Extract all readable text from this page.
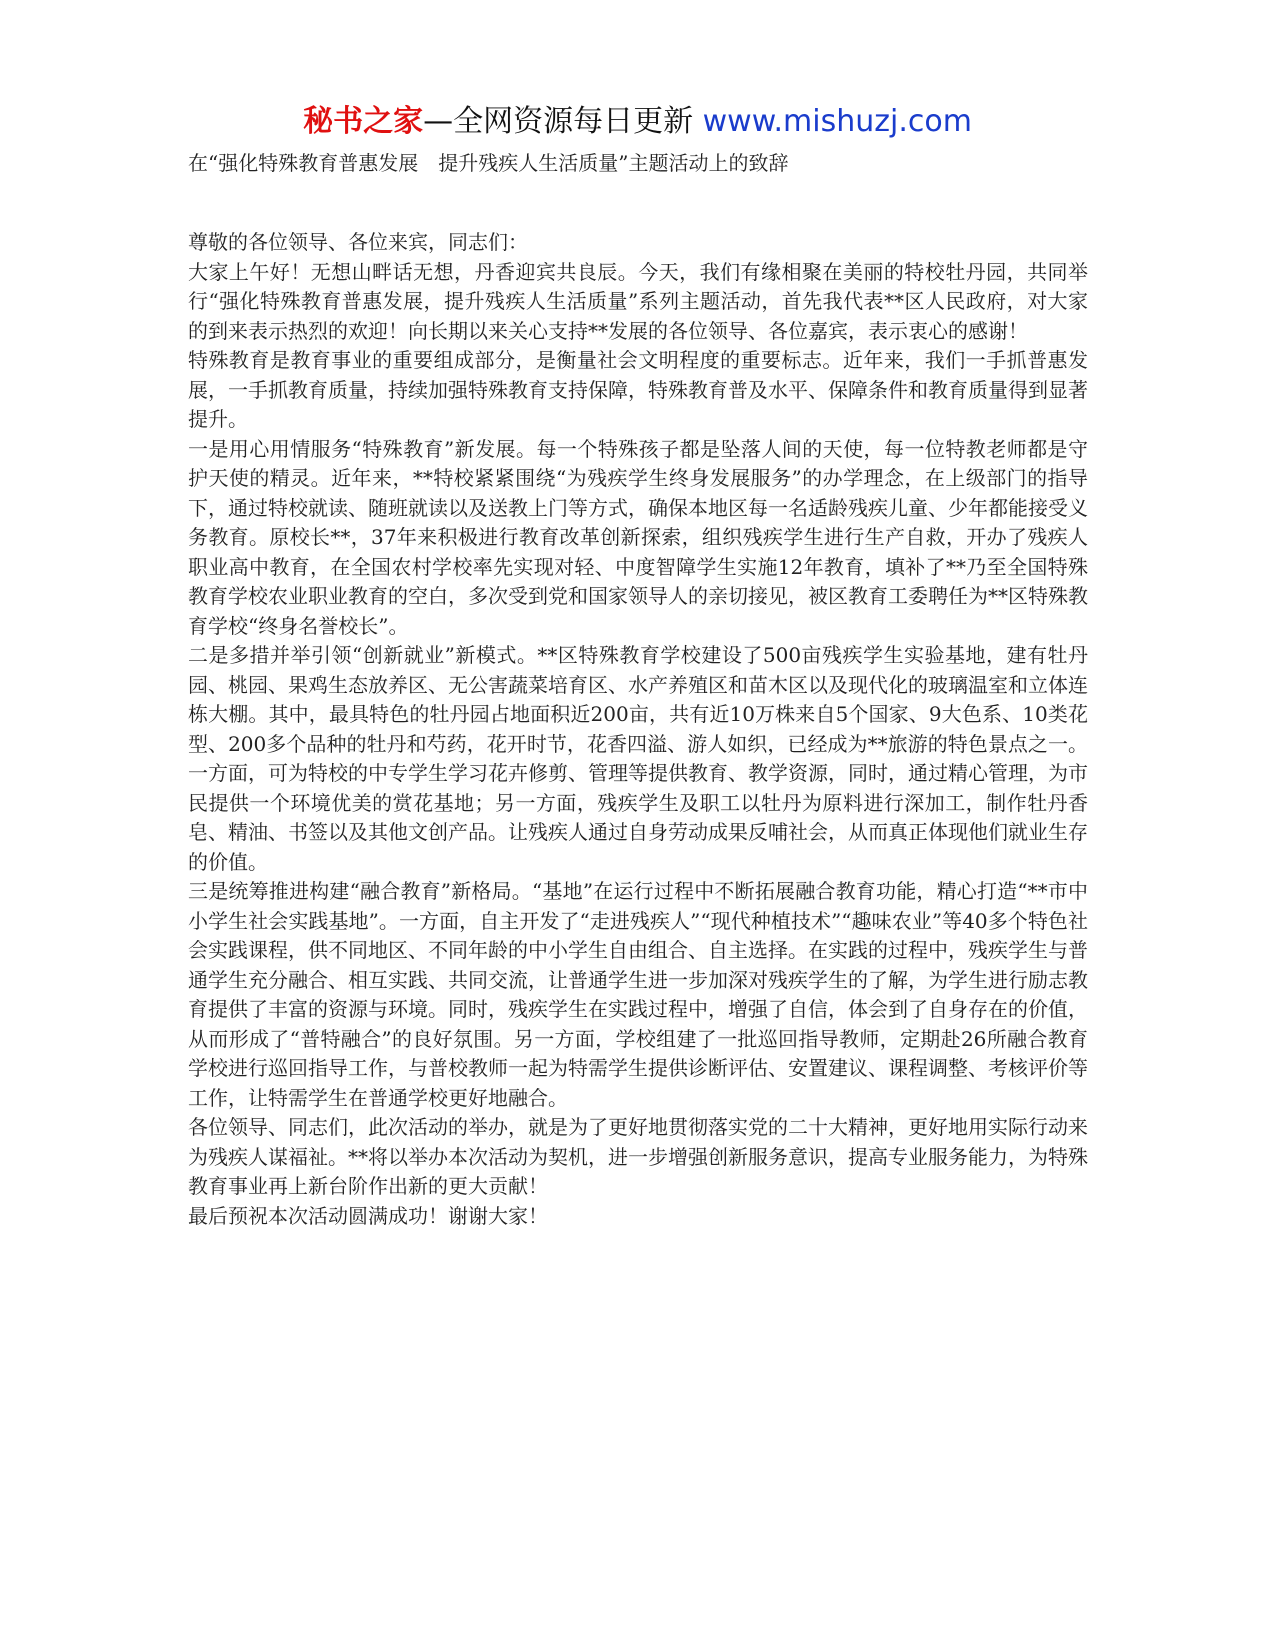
秘书之家—全网资源每日更新 www.mishuzj.com
在“强化特殊教育普惠发展　提升残疾人生活质量”主题活动上的致辞

尊敬的各位领导、各位来宾，同志们：

大家上午好！无想山畔话无想，丹香迎宾共良辰。今天，我们有缘相聚在美丽的特校牡丹园，共同举行“强化特殊教育普惠发展，提升残疾人生活质量”系列主题活动，首先我代表**区人民政府，对大家的到来表示热烈的欢迎！向长期以来关心支持**发展的各位领导、各位嘉宾，表示衷心的感谢！

特殊教育是教育事业的重要组成部分，是衡量社会文明程度的重要标志。近年来，我们一手抓普惠发展，一手抓教育质量，持续加强特殊教育支持保障，特殊教育普及水平、保障条件和教育质量得到显著提升。

一是用心用情服务“特殊教育”新发展。每一个特殊孩子都是坠落人间的天使，每一位特教老师都是守护天使的精灵。近年来，**特校紧紧围绕“为残疾学生终身发展服务”的办学理念，在上级部门的指导下，通过特校就读、随班就读以及送教上门等方式，确保本地区每一名适龄残疾儿童、少年都能接受义务教育。原校长**，37年来积极进行教育改革创新探索，组织残疾学生进行生产自救，开办了残疾人职业高中教育，在全国农村学校率先实现对轻、中度智障学生实施12年教育，填补了**乃至全国特殊教育学校农业职业教育的空白，多次受到党和国家领导人的亲切接见，被区教育工委聘任为**区特殊教育学校“终身名誉校长”。

二是多措并举引领“创新就业”新模式。**区特殊教育学校建设了500亩残疾学生实验基地，建有牡丹园、桃园、果鸡生态放养区、无公害蔬菜培育区、水产养殖区和苗木区以及现代化的玻璃温室和立体连栋大棚。其中，最具特色的牡丹园占地面积近200亩，共有近10万株来自5个国家、9大色系、10类花型、200多个品种的牡丹和芍药，花开时节，花香四溢、游人如织，已经成为**旅游的特色景点之一。一方面，可为特校的中专学生学习花卉修剪、管理等提供教育、教学资源，同时，通过精心管理，为市民提供一个环境优美的赏花基地；另一方面，残疾学生及职工以牡丹为原料进行深加工，制作牡丹香皂、精油、书签以及其他文创产品。让残疾人通过自身劳动成果反哺社会，从而真正体现他们就业生存的价值。

三是统筹推进构建“融合教育”新格局。“基地”在运行过程中不断拓展融合教育功能，精心打造“**市中小学生社会实践基地”。一方面，自主开发了“走进残疾人”“现代种植技术”“趣味农业”等40多个特色社会实践课程，供不同地区、不同年龄的中小学生自由组合、自主选择。在实践的过程中，残疾学生与普通学生充分融合、相互实践、共同交流，让普通学生进一步加深对残疾学生的了解，为学生进行励志教育提供了丰富的资源与环境。同时，残疾学生在实践过程中，增强了自信，体会到了自身存在的价值，从而形成了“普特融合”的良好氛围。另一方面，学校组建了一批巡回指导教师，定期赴26所融合教育学校进行巡回指导工作，与普校教师一起为特需学生提供诊断评估、安置建议、课程调整、考核评价等工作，让特需学生在普通学校更好地融合。

各位领导、同志们，此次活动的举办，就是为了更好地贯彻落实党的二十大精神，更好地用实际行动来为残疾人谋福祉。**将以举办本次活动为契机，进一步增强创新服务意识，提高专业服务能力，为特殊教育事业再上新台阶作出新的更大贡献！

最后预祝本次活动圆满成功！谢谢大家！
